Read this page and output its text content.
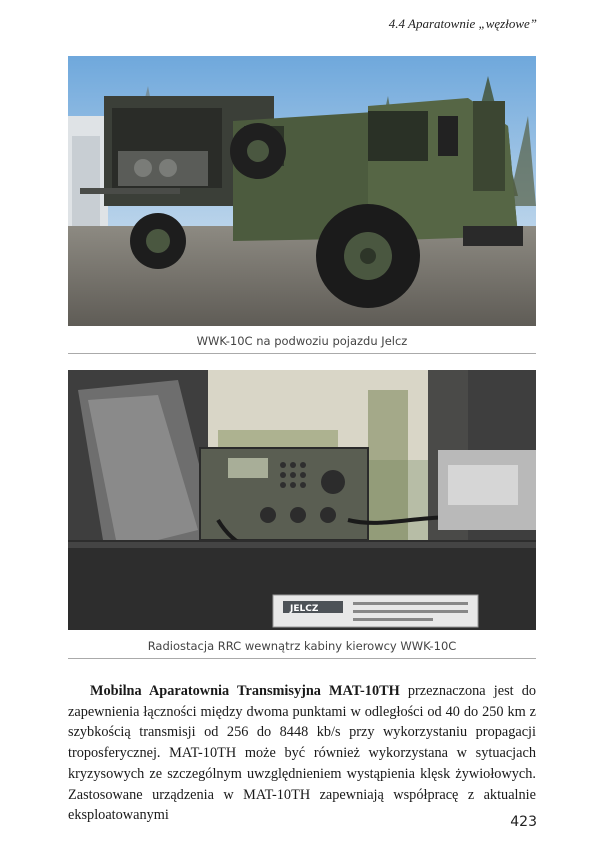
4.4 Aparatownie „węzłowe”
WWK-10C na podwoziu pojazdu Jelcz
JELCZ
Radiostacja RRC wewnątrz kabiny kierowcy WWK-10C

Mobilna Aparatownia Transmisyjna MAT-10TH przeznaczona jest do zapewnienia łączności między dwoma punktami w odległości od 40 do 250 km z szybkością transmisji od 256 do 8448 kb/s przy wykorzystaniu propagacji troposferycznej. MAT-10TH może być również wykorzystana w sytuacjach kryzysowych ze szczególnym uwzględnieniem wystąpienia klęsk żywiołowych. Zastosowane urządzenia w MAT-10TH zapewniają współpracę z aktualnie eksploatowanymi	423
